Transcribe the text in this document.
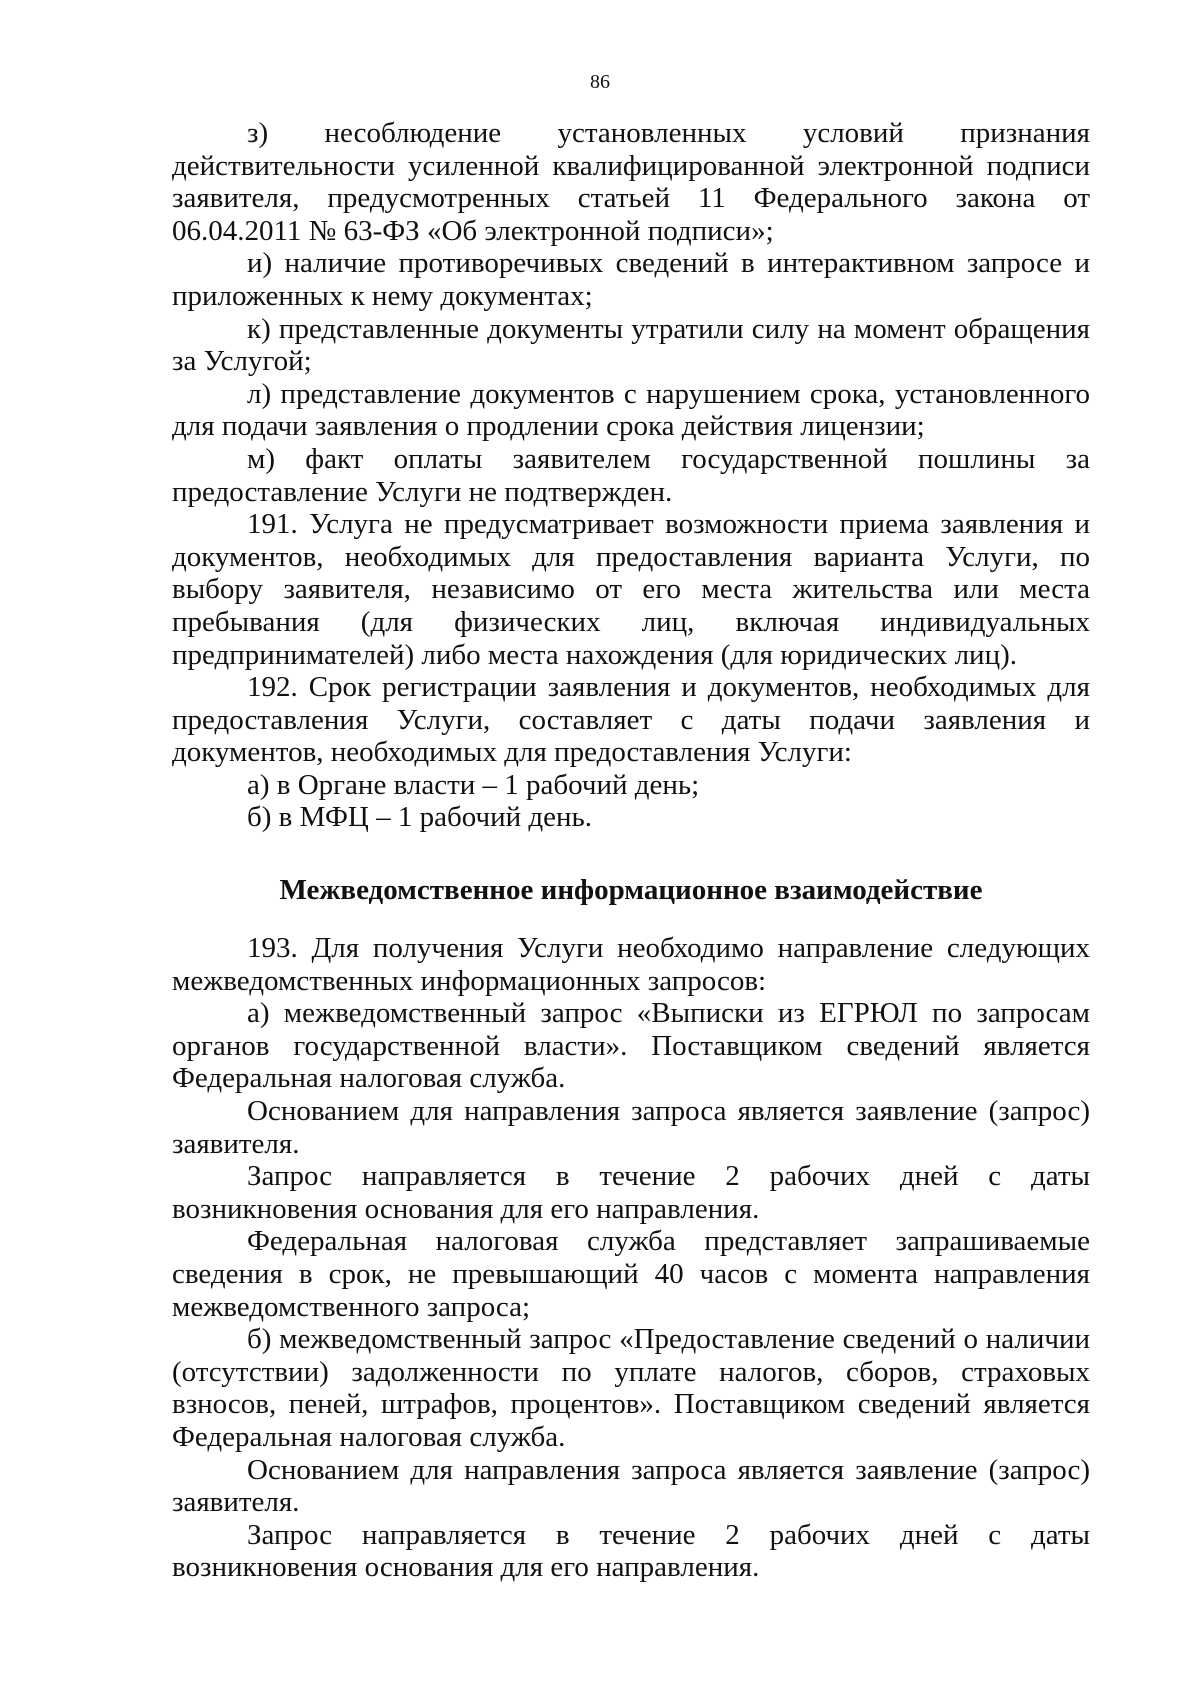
86

з) несоблюдение установленных условий признания действительности усиленной квалифицированной электронной подписи заявителя, предусмотренных статьей 11 Федерального закона от 06.04.2011 № 63-ФЗ «Об электронной подписи»;

и) наличие противоречивых сведений в интерактивном запросе и приложенных к нему документах;

к) представленные документы утратили силу на момент обращения за Услугой;

л) представление документов с нарушением срока, установленного для подачи заявления о продлении срока действия лицензии;

м) факт оплаты заявителем государственной пошлины за предоставление Услуги не подтвержден.

191. Услуга не предусматривает возможности приема заявления и документов, необходимых для предоставления варианта Услуги, по выбору заявителя, независимо от его места жительства или места пребывания (для физических лиц, включая индивидуальных предпринимателей) либо места нахождения (для юридических лиц).

192. Срок регистрации заявления и документов, необходимых для предоставления Услуги, составляет с даты подачи заявления и документов, необходимых для предоставления Услуги:

а) в Органе власти – 1 рабочий день;

б) в МФЦ – 1 рабочий день.

Межведомственное информационное взаимодействие

193. Для получения Услуги необходимо направление следующих межведомственных информационных запросов:

а) межведомственный запрос «Выписки из ЕГРЮЛ по запросам органов государственной власти». Поставщиком сведений является Федеральная налоговая служба.

Основанием для направления запроса является заявление (запрос) заявителя.

Запрос направляется в течение 2 рабочих дней с даты возникновения основания для его направления.

Федеральная налоговая служба представляет запрашиваемые сведения в срок, не превышающий 40 часов с момента направления межведомственного запроса;

б) межведомственный запрос «Предоставление сведений о наличии (отсутствии) задолженности по уплате налогов, сборов, страховых взносов, пеней, штрафов, процентов». Поставщиком сведений является Федеральная налоговая служба.

Основанием для направления запроса является заявление (запрос) заявителя.

Запрос направляется в течение 2 рабочих дней с даты возникновения основания для его направления.
